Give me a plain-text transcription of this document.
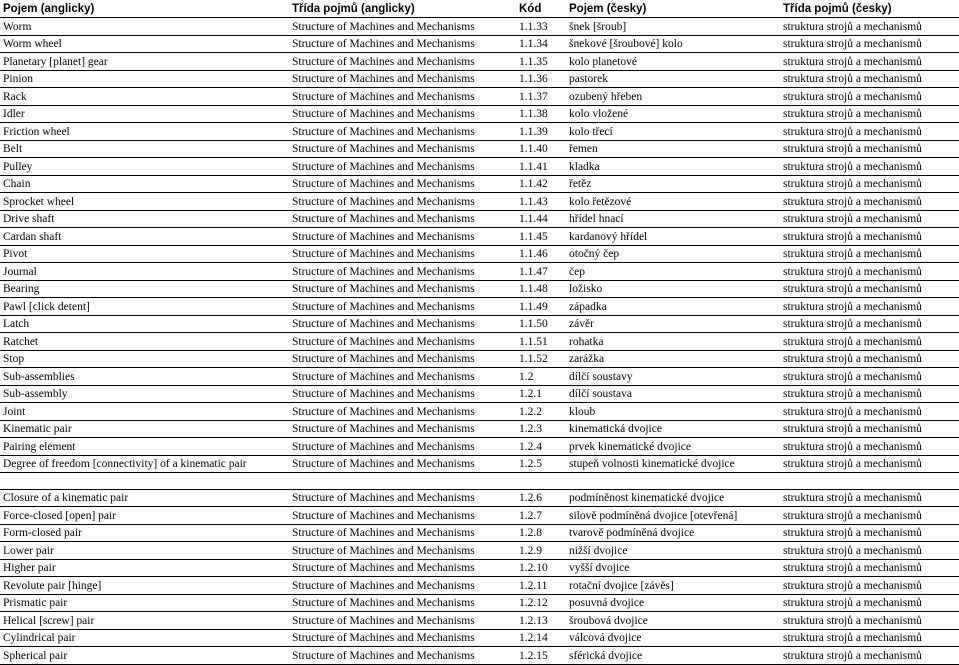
Pojem (anglicky)	Třída pojmů (anglicky)	Kód	Pojem (česky)	Třída pojmů (česky)
Worm	Structure of Machines and Mechanisms	1.1.33	šnek [šroub]	struktura strojů a mechanismů
Worm wheel	Structure of Machines and Mechanisms	1.1.34	šnekové [šroubové] kolo	struktura strojů a mechanismů
Planetary [planet] gear	Structure of Machines and Mechanisms	1.1.35	kolo planetové	struktura strojů a mechanismů
Pinion	Structure of Machines and Mechanisms	1.1.36	pastorek	struktura strojů a mechanismů
Rack	Structure of Machines and Mechanisms	1.1.37	ozubený hřeben	struktura strojů a mechanismů
Idler	Structure of Machines and Mechanisms	1.1.38	kolo vložené	struktura strojů a mechanismů
Friction wheel	Structure of Machines and Mechanisms	1.1.39	kolo třecí	struktura strojů a mechanismů
Belt	Structure of Machines and Mechanisms	1.1.40	řemen	struktura strojů a mechanismů
Pulley	Structure of Machines and Mechanisms	1.1.41	kladka	struktura strojů a mechanismů
Chain	Structure of Machines and Mechanisms	1.1.42	řetěz	struktura strojů a mechanismů
Sprocket wheel	Structure of Machines and Mechanisms	1.1.43	kolo řetězové	struktura strojů a mechanismů
Drive shaft	Structure of Machines and Mechanisms	1.1.44	hřídel hnací	struktura strojů a mechanismů
Cardan shaft	Structure of Machines and Mechanisms	1.1.45	kardanový hřídel	struktura strojů a mechanismů
Pivot	Structure of Machines and Mechanisms	1.1.46	otočný čep	struktura strojů a mechanismů
Journal	Structure of Machines and Mechanisms	1.1.47	čep	struktura strojů a mechanismů
Bearing	Structure of Machines and Mechanisms	1.1.48	ložisko	struktura strojů a mechanismů
Pawl [click detent]	Structure of Machines and Mechanisms	1.1.49	západka	struktura strojů a mechanismů
Latch	Structure of Machines and Mechanisms	1.1.50	závěr	struktura strojů a mechanismů
Ratchet	Structure of Machines and Mechanisms	1.1.51	rohatka	struktura strojů a mechanismů
Stop	Structure of Machines and Mechanisms	1.1.52	zarážka	struktura strojů a mechanismů
Sub-assemblies	Structure of Machines and Mechanisms	1.2	dílčí soustavy	struktura strojů a mechanismů
Sub-assembly	Structure of Machines and Mechanisms	1.2.1	dílčí soustava	struktura strojů a mechanismů
Joint	Structure of Machines and Mechanisms	1.2.2	kloub	struktura strojů a mechanismů
Kinematic pair	Structure of Machines and Mechanisms	1.2.3	kinematická dvojice	struktura strojů a mechanismů
Pairing element	Structure of Machines and Mechanisms	1.2.4	prvek kinematické dvojice	struktura strojů a mechanismů
Degree of freedom [connectivity] of a kinematic pair	Structure of Machines and Mechanisms	1.2.5	stupeň volnosti kinematické dvojice	struktura strojů a mechanismů

Closure of a kinematic pair	Structure of Machines and Mechanisms	1.2.6	podmíněnost kinematické dvojice	struktura strojů a mechanismů
Force-closed [open] pair	Structure of Machines and Mechanisms	1.2.7	silově podmíněná dvojice [otevřená]	struktura strojů a mechanismů
Form-closed pair	Structure of Machines and Mechanisms	1.2.8	tvarově podmíněná dvojice	struktura strojů a mechanismů
Lower pair	Structure of Machines and Mechanisms	1.2.9	nižší dvojice	struktura strojů a mechanismů
Higher pair	Structure of Machines and Mechanisms	1.2.10	vyšší dvojice	struktura strojů a mechanismů
Revolute pair [hinge]	Structure of Machines and Mechanisms	1.2.11	rotační dvojice [závěs]	struktura strojů a mechanismů
Prismatic pair	Structure of Machines and Mechanisms	1.2.12	posuvná dvojice	struktura strojů a mechanismů
Helical [screw] pair	Structure of Machines and Mechanisms	1.2.13	šroubová dvojice	struktura strojů a mechanismů
Cylindrical pair	Structure of Machines and Mechanisms	1.2.14	válcová dvojice	struktura strojů a mechanismů
Spherical pair	Structure of Machines and Mechanisms	1.2.15	sférická dvojice	struktura strojů a mechanismů
